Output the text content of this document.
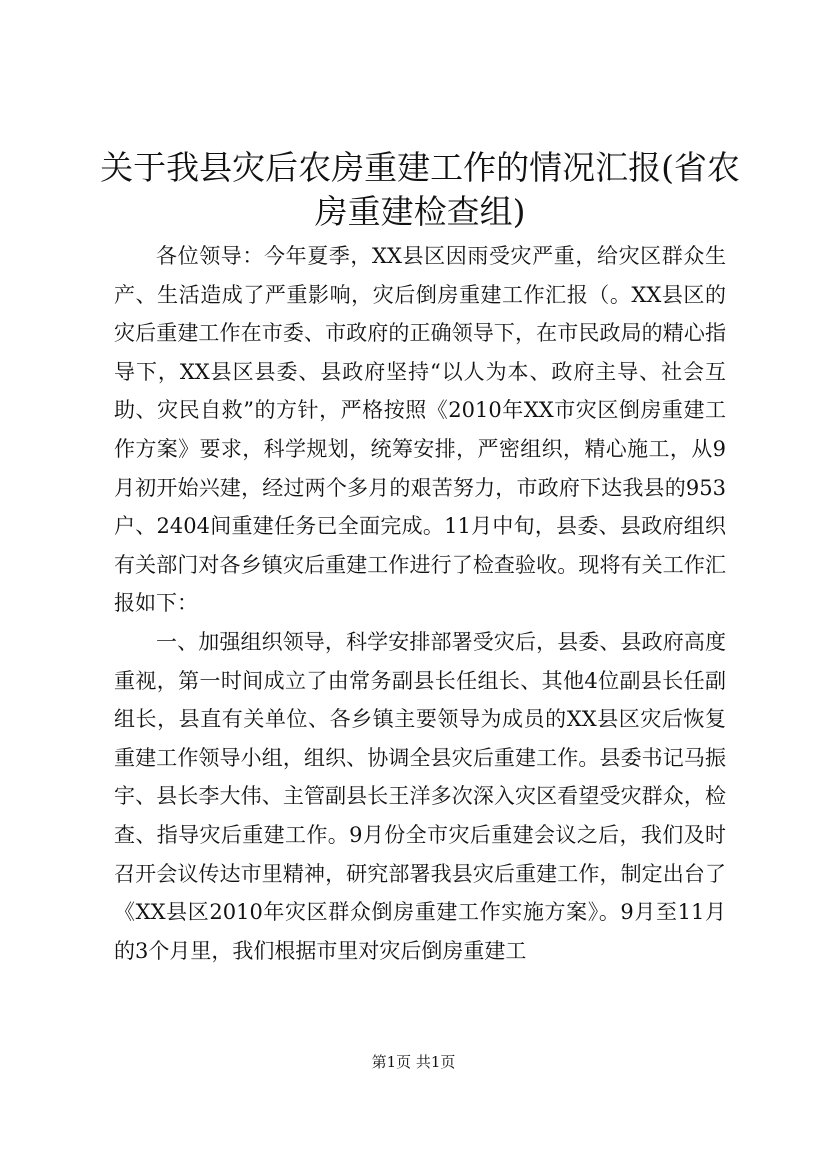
关于我县灾后农房重建工作的情况汇报(省农房重建检查组)

各位领导：今年夏季，XX县区因雨受灾严重，给灾区群众生产、生活造成了严重影响，灾后倒房重建工作汇报（。XX县区的灾后重建工作在市委、市政府的正确领导下，在市民政局的精心指导下，XX县区县委、县政府坚持“以人为本、政府主导、社会互助、灾民自救”的方针，严格按照《2010年XX市灾区倒房重建工作方案》要求，科学规划，统筹安排，严密组织，精心施工，从9月初开始兴建，经过两个多月的艰苦努力，市政府下达我县的953户、2404间重建任务已全面完成。11月中旬，县委、县政府组织有关部门对各乡镇灾后重建工作进行了检查验收。现将有关工作汇报如下：

一、加强组织领导，科学安排部署受灾后，县委、县政府高度重视，第一时间成立了由常务副县长任组长、其他4位副县长任副组长，县直有关单位、各乡镇主要领导为成员的XX县区灾后恢复重建工作领导小组，组织、协调全县灾后重建工作。县委书记马振宇、县长李大伟、主管副县长王洋多次深入灾区看望受灾群众，检查、指导灾后重建工作。9月份全市灾后重建会议之后，我们及时召开会议传达市里精神，研究部署我县灾后重建工作，制定出台了《XX县区2010年灾区群众倒房重建工作实施方案》。9月至11月的3个月里，我们根据市里对灾后倒房重建工

第1页 共1页
